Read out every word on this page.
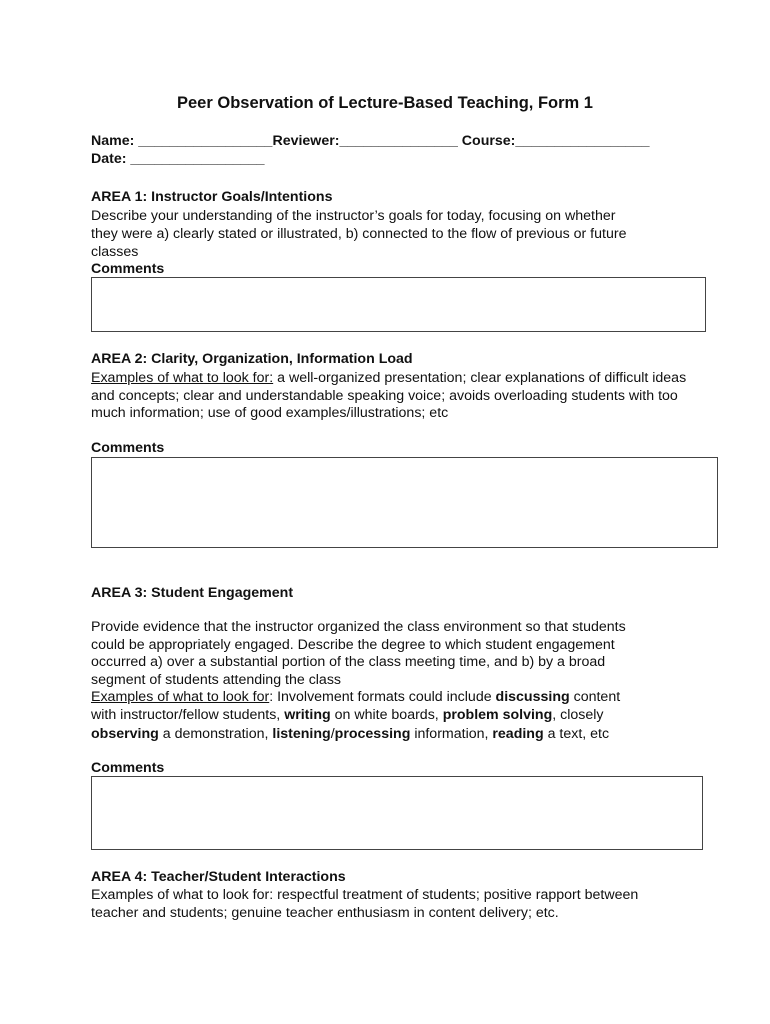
Peer Observation of Lecture-Based Teaching, Form 1
Name: _________________Reviewer:_______________ Course:_________________
Date: _________________
AREA 1: Instructor Goals/Intentions
Describe your understanding of the instructor’s goals for today, focusing on whether
they were a) clearly stated or illustrated, b) connected to the flow of previous or future
classes
Comments
AREA 2: Clarity, Organization, Information Load
Examples of what to look for: a well-organized presentation; clear explanations of difficult ideas
and concepts; clear and understandable speaking voice; avoids overloading students with too
much information; use of good examples/illustrations; etc
Comments
AREA 3: Student Engagement
Provide evidence that the instructor organized the class environment so that students
could be appropriately engaged. Describe the degree to which student engagement
occurred a) over a substantial portion of the class meeting time, and b) by a broad
segment of students attending the class
Examples of what to look for: Involvement formats could include discussing content
with instructor/fellow students, writing on white boards, problem solving, closely
observing a demonstration, listening/processing information, reading a text, etc
Comments
AREA 4: Teacher/Student Interactions
Examples of what to look for: respectful treatment of students; positive rapport between
teacher and students; genuine teacher enthusiasm in content delivery; etc.
